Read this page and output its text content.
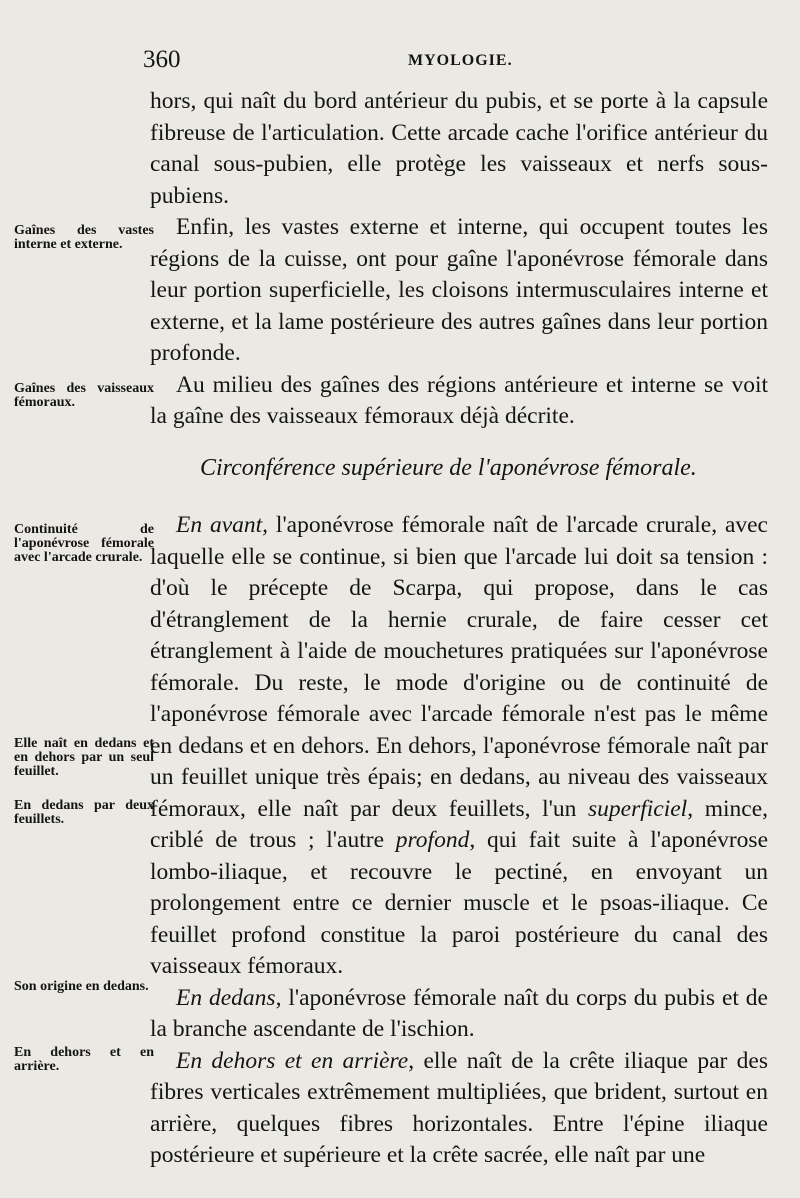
360	MYOLOGIE.
Gaînes des vastes interne et externe.
Gaînes des vaisseaux fémoraux.
Continuité de l'aponévrose fémorale avec l'arcade crurale.
Elle naît en dedans et en dehors par un seul feuillet.
En dedans par deux feuillets.
Son origine en dedans.
En dehors et en arrière.

hors, qui naît du bord antérieur du pubis, et se porte à la capsule fibreuse de l'articulation. Cette arcade cache l'orifice antérieur du canal sous-pubien, elle protège les vaisseaux et nerfs sous-pubiens.

Enfin, les vastes externe et interne, qui occupent toutes les régions de la cuisse, ont pour gaîne l'aponévrose fémorale dans leur portion superficielle, les cloisons intermusculaires interne et externe, et la lame postérieure des autres gaînes dans leur portion profonde.

Au milieu des gaînes des régions antérieure et interne se voit la gaîne des vaisseaux fémoraux déjà décrite.

Circonférence supérieure de l'aponévrose fémorale.

En avant, l'aponévrose fémorale naît de l'arcade crurale, avec laquelle elle se continue, si bien que l'arcade lui doit sa tension : d'où le précepte de Scarpa, qui propose, dans le cas d'étranglement de la hernie crurale, de faire cesser cet étranglement à l'aide de mouchetures pratiquées sur l'aponévrose fémorale. Du reste, le mode d'origine ou de continuité de l'aponévrose fémorale avec l'arcade fémorale n'est pas le même en dedans et en dehors. En dehors, l'aponévrose fémorale naît par un feuillet unique très épais; en dedans, au niveau des vaisseaux fémoraux, elle naît par deux feuillets, l'un superficiel, mince, criblé de trous ; l'autre profond, qui fait suite à l'aponévrose lombo-iliaque, et recouvre le pectiné, en envoyant un prolongement entre ce dernier muscle et le psoas-iliaque. Ce feuillet profond constitue la paroi postérieure du canal des vaisseaux fémoraux.

En dedans, l'aponévrose fémorale naît du corps du pubis et de la branche ascendante de l'ischion.

En dehors et en arrière, elle naît de la crête iliaque par des fibres verticales extrêmement multipliées, que brident, surtout en arrière, quelques fibres horizontales. Entre l'épine iliaque postérieure et supérieure et la crête sacrée, elle naît par une
